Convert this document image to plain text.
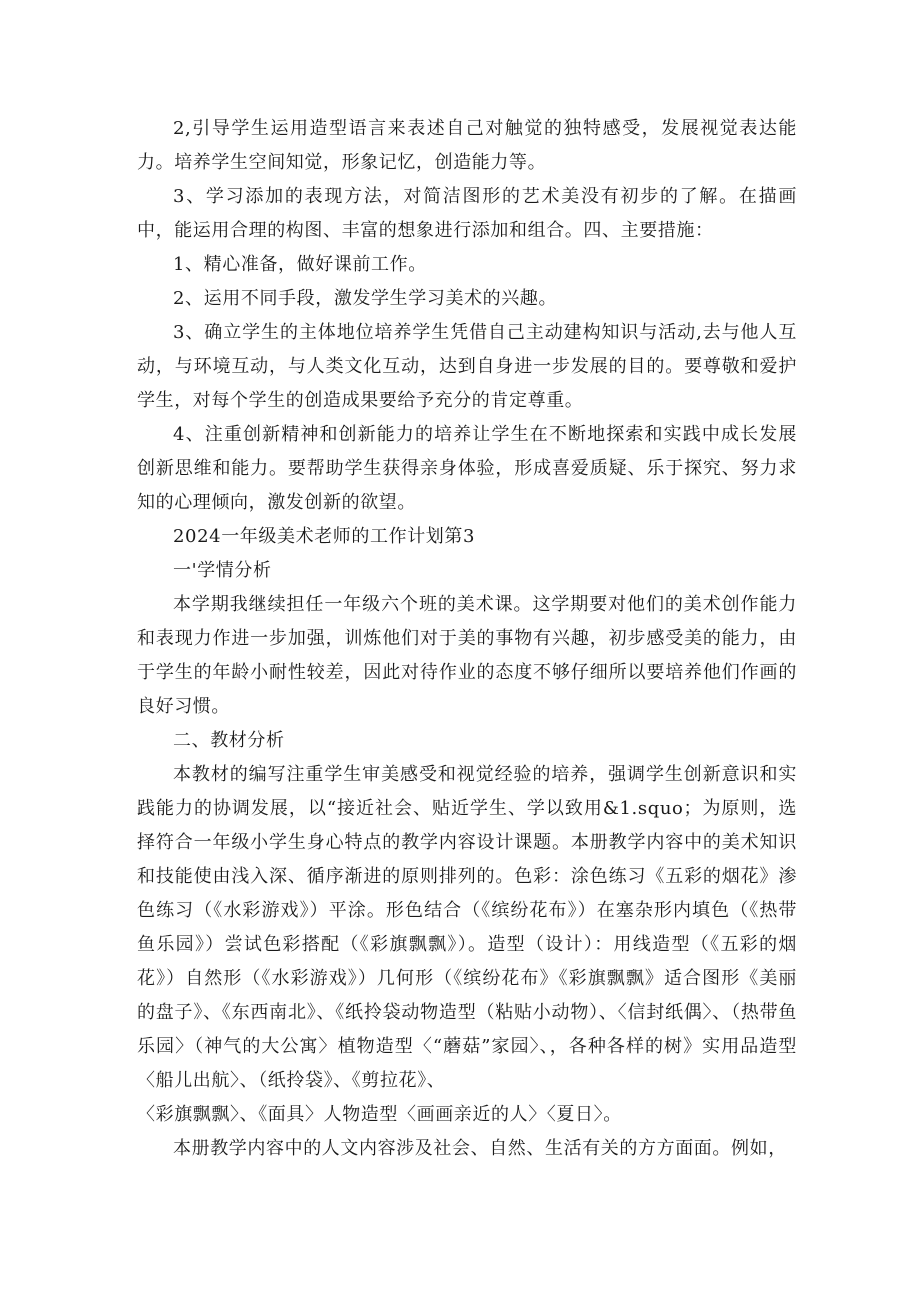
2,引导学生运用造型语言来表述自己对触觉的独特感受，发展视觉表达能力。培养学生空间知觉，形象记忆，创造能力等。

3、学习添加的表现方法，对简洁图形的艺术美没有初步的了解。在描画中，能运用合理的构图、丰富的想象进行添加和组合。四、主要措施：

1、精心准备，做好课前工作。

2、运用不同手段，激发学生学习美术的兴趣。

3、确立学生的主体地位培养学生凭借自己主动建构知识与活动,去与他人互动，与环境互动，与人类文化互动，达到自身进一步发展的目的。要尊敬和爱护学生，对每个学生的创造成果要给予充分的肯定尊重。

4、注重创新精神和创新能力的培养让学生在不断地探索和实践中成长发展创新思维和能力。要帮助学生获得亲身体验，形成喜爱质疑、乐于探究、努力求知的心理倾向，激发创新的欲望。

2024一年级美术老师的工作计划第3

一'学情分析

本学期我继续担任一年级六个班的美术课。这学期要对他们的美术创作能力和表现力作进一步加强，训炼他们对于美的事物有兴趣，初步感受美的能力，由于学生的年龄小耐性较差，因此对待作业的态度不够仔细所以要培养他们作画的良好习惯。

二、教材分析

本教材的编写注重学生审美感受和视觉经验的培养，强调学生创新意识和实践能力的协调发展，以“接近社会、贴近学生、学以致用&1.squo；为原则，选择符合一年级小学生身心特点的教学内容设计课题。本册教学内容中的美术知识和技能使由浅入深、循序渐进的原则排列的。色彩：涂色练习《五彩的烟花》渗色练习（《水彩游戏》）平涂。形色结合（《缤纷花布》）在塞杂形内填色（《热带鱼乐园》）尝试色彩搭配（《彩旗飘飘》）。造型（设计）：用线造型（《五彩的烟花》）自然形（《水彩游戏》）几何形（《缤纷花布》《彩旗飘飘》适合图形《美丽的盘子》、《东西南北》、《纸拎袋动物造型（粘贴小动物）、〈信封纸偶〉、（热带鱼乐园〉（神气的大公寓〉植物造型〈“蘑菇”家园〉、，各种各样的树》实用品造型〈船儿出航〉、（纸拎袋》、《剪拉花》、

〈彩旗飘飘〉、《面具〉人物造型〈画画亲近的人〉〈夏日〉。

本册教学内容中的人文内容涉及社会、自然、生活有关的方方面面。例如，
